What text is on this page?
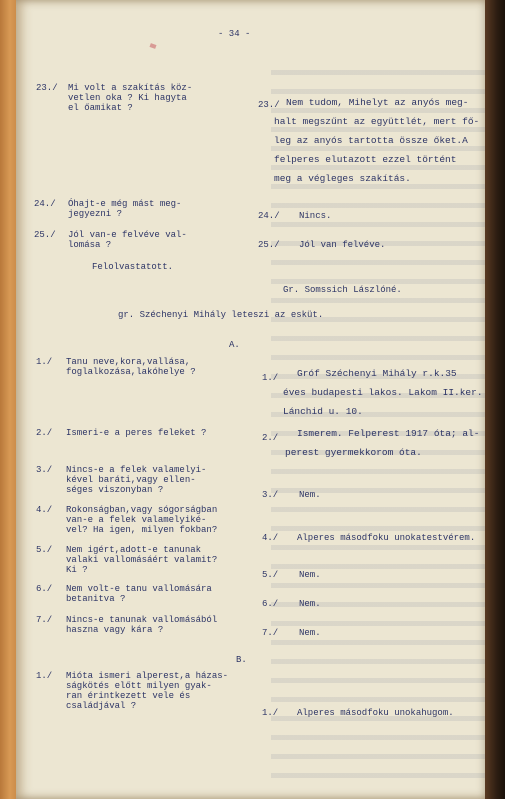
- 34 -
23./ Mi volt a szakítás köz-
vetlen oka ? Ki hagyta
el őamikat ?	23./ Nem tudom, Mihelyt az anyós meg-
halt megszűnt az együttlét, mert fő-
leg az anyós tartotta össze őket.A
felperes elutazott ezzel történt
meg a végleges szakítás.
24./ Óhajt-e még mást meg-
jegyezni ?	24./ Nincs.
25./ Jól van-e felvéve val-
lomása ?	25./ Jól van felvéve.
Felolvastatott.
Gr. Somssich Lászlóné.
gr. Széchenyi Mihály leteszi az esküt.
A.
1./ Tanu neve,kora,vallása,
foglalkozása,lakóhelye ?
1./ Gróf Széchenyi Mihály r.k.35
éves budapesti lakos. Lakom II.ker.
Lánchid u. 10.
2./ Ismeri-e a peres feleket ?	2./ Ismerem. Felperest 1917 óta; al-
perest gyermekkorom óta.
3./ Nincs-e a felek valamelyi-
kével baráti,vagy ellen-
séges viszonyban ?	3./ Nem.
4./ Rokonságban,vagy sógorságban
van-e a felek valamelyiké-
vel? Ha igen, milyen fokban?
4./ Alperes másodfoku unokatestvérem.
5./ Nem igért,adott-e tanunak
valaki vallomásáért valamit?
Ki ?	5./ Nem.
6./ Nem volt-e tanu vallomására
betanitva ?	6./ Nem.
7./ Nincs-e tanunak vallomásából
haszna vagy kára ?	7./ Nem.
B.
1./ Mióta ismeri alperest,a házas-
ságkötés előtt milyen gyak-
ran érintkezett vele és
családjával ?
1./ Alperes másodfoku unokahugom.
